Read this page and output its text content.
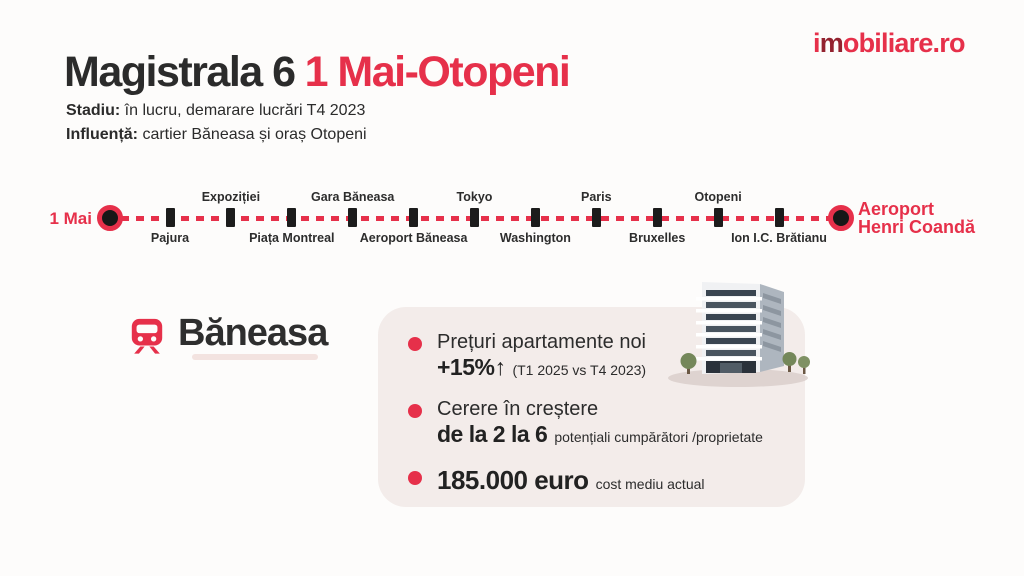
imobiliare.ro
Magistrala 6 1 Mai-Otopeni
Stadiu: în lucru, demarare lucrări T4 2023
Influență: cartier Băneasa și oraș Otopeni
1 Mai	Aeroport
Henri Coandă
Pajura
Expoziției
Piața Montreal
Gara Băneasa
Aeroport Băneasa
Tokyo
Washington
Paris
Bruxelles
Otopeni
Ion I.C. Brătianu
Băneasa	Prețuri apartamente noi
+15%↑ (T1 2025 vs T4 2023)
Cerere în creștere
de la 2 la 6 potențiali cumpărători /proprietate
185.000 euro cost mediu actual
